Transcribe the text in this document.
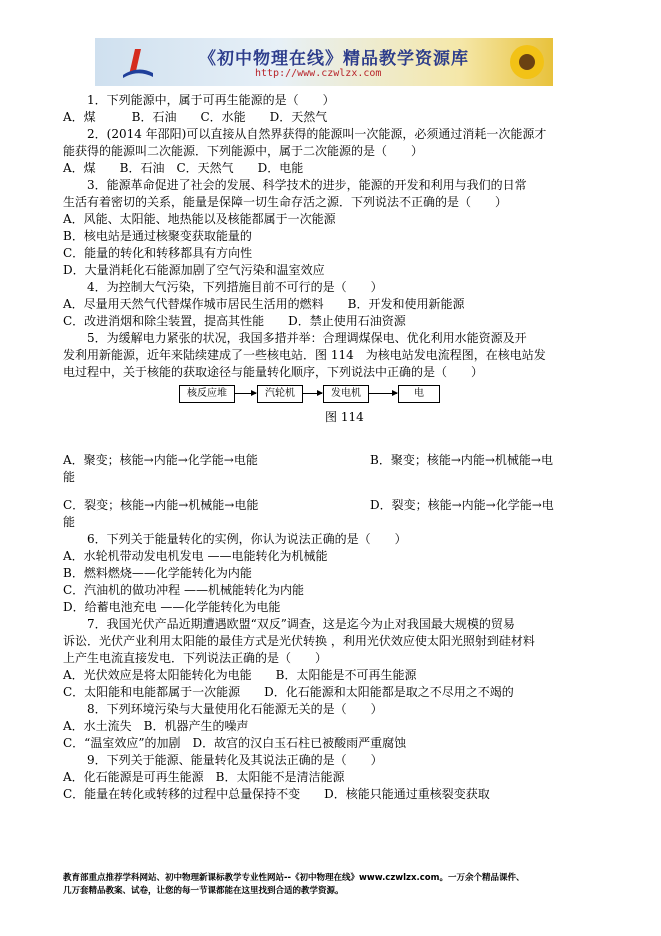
《初中物理在线》精品教学资源库
http://www.czwlzx.com
1．下列能源中，属于可再生能源的是（　　）
A．煤　　　B．石油　　C．水能　　D．天然气
2．(2014 年邵阳)可以直接从自然界获得的能源叫一次能源，必须通过消耗一次能源才
能获得的能源叫二次能源．下列能源中，属于二次能源的是（　　）
A．煤　　B．石油　C．天然气　　D．电能
3．能源革命促进了社会的发展、科学技术的进步，能源的开发和利用与我们的日常
生活有着密切的关系，能量是保障一切生命存活之源．下列说法不正确的是（　　）
A．风能、太阳能、地热能以及核能都属于一次能源
B．核电站是通过核聚变获取能量的
C．能量的转化和转移都具有方向性
D．大量消耗化石能源加剧了空气污染和温室效应
4．为控制大气污染，下列措施目前不可行的是（　　）
A．尽量用天然气代替煤作城市居民生活用的燃料　　B．开发和使用新能源
C．改进消烟和除尘装置，提高其性能　　D．禁止使用石油资源
5．为缓解电力紧张的状况，我国多措并举：合理调煤保电、优化利用水能资源及开
发利用新能源，近年来陆续建成了一些核电站．图 114　为核电站发电流程图，在核电站发
电过程中，关于核能的获取途径与能量转化顺序，下列说法中正确的是（　　）
核反应堆	汽轮机	发电机	电
图 114
A．聚变；核能→内能→化学能→电能	B．聚变；核能→内能→机械能→电
能
C．裂变；核能→内能→机械能→电能	D．裂变；核能→内能→化学能→电
能
6．下列关于能量转化的实例，你认为说法正确的是（　　）
A．水轮机带动发电机发电 ——电能转化为机械能
B．燃料燃烧——化学能转化为内能
C．汽油机的做功冲程 ——机械能转化为内能
D．给蓄电池充电 ——化学能转化为电能
7．我国光伏产品近期遭遇欧盟“双反”调查，这是迄今为止对我国最大规模的贸易
诉讼．光伏产业利用太阳能的最佳方式是光伏转换 ，利用光伏效应使太阳光照射到硅材料
上产生电流直接发电．下列说法正确的是（　　）
A．光伏效应是将太阳能转化为电能　　B．太阳能是不可再生能源
C．太阳能和电能都属于一次能源　　D．化石能源和太阳能都是取之不尽用之不竭的
8．下列环境污染与大量使用化石能源无关的是（　　）
A．水土流失　B．机器产生的噪声
C．“温室效应”的加剧　D．故宫的汉白玉石柱已被酸雨严重腐蚀
9．下列关于能源、能量转化及其说法正确的是（　　）
A．化石能源是可再生能源　B．太阳能不是清洁能源
C．能量在转化或转移的过程中总量保持不变　　D．核能只能通过重核裂变获取
教育部重点推荐学科网站、初中物理新课标教学专业性网站--《初中物理在线》www.czwlzx.com。一万余个精品课件、
几万套精品教案、试卷，让您的每一节课都能在这里找到合适的教学资源。
